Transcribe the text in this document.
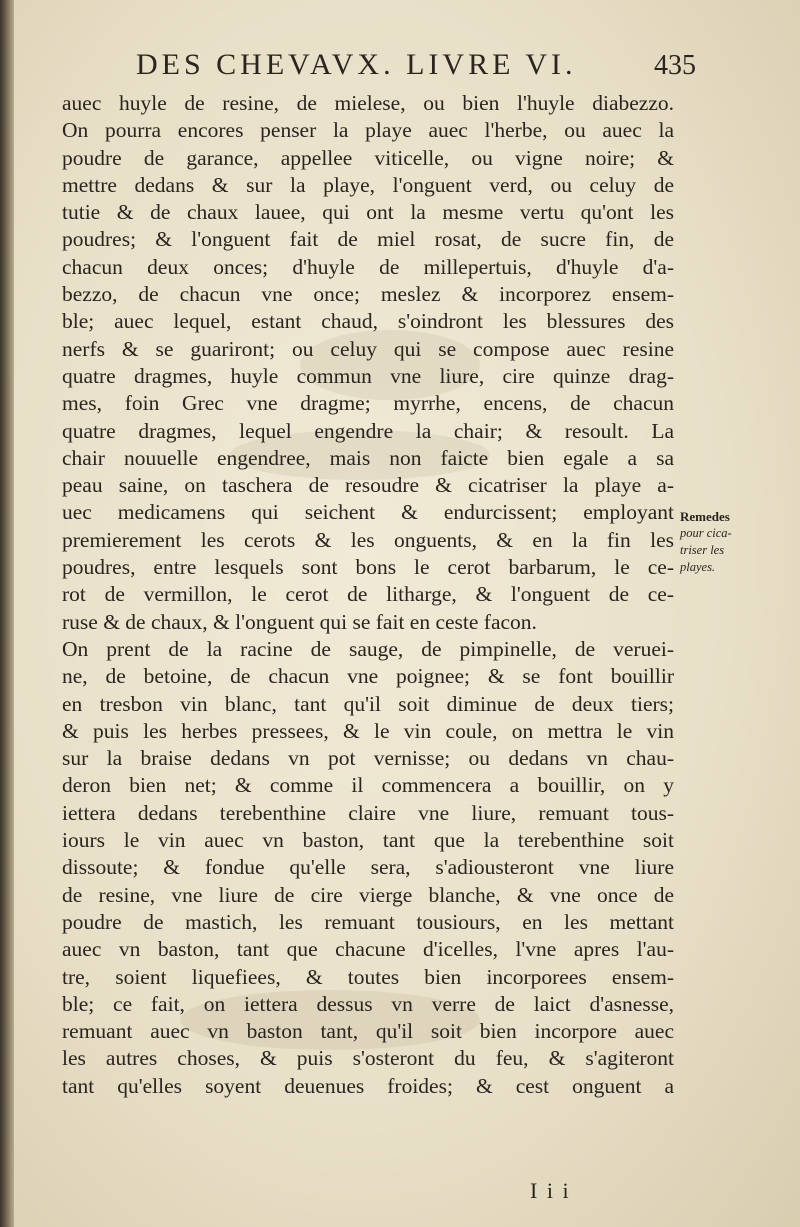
DES CHEVAVX. LIVRE VI.	435
auec huyle de resine, de mielese, ou bien l'huyle diabezzo.
On pourra encores penser la playe auec l'herbe, ou auec la
poudre de garance, appellee viticelle, ou vigne noire; &
mettre dedans & sur la playe, l'onguent verd, ou celuy de
tutie & de chaux lauee, qui ont la mesme vertu qu'ont les
poudres; & l'onguent fait de miel rosat, de sucre fin, de
chacun deux onces; d'huyle de millepertuis, d'huyle d'a-
bezzo, de chacun vne once; meslez & incorporez ensem-
ble; auec lequel, estant chaud, s'oindront les blessures des
nerfs & se guariront; ou celuy qui se compose auec resine
quatre dragmes, huyle commun vne liure, cire quinze drag-
mes, foin Grec vne dragme; myrrhe, encens, de chacun
quatre dragmes, lequel engendre la chair; & resoult. La
chair nouuelle engendree, mais non faicte bien egale a sa
peau saine, on taschera de resoudre & cicatriser la playe a-
uec medicamens qui seichent & endurcissent; employant
premierement les cerots & les onguents, & en la fin les
poudres, entre lesquels sont bons le cerot barbarum, le ce-
rot de vermillon, le cerot de litharge, & l'onguent de ce-
ruse & de chaux, & l'onguent qui se fait en ceste facon.
On prent de la racine de sauge, de pimpinelle, de veruei-
ne, de betoine, de chacun vne poignee; & se font bouillir
en tresbon vin blanc, tant qu'il soit diminue de deux tiers;
& puis les herbes pressees, & le vin coule, on mettra le vin
sur la braise dedans vn pot vernisse; ou dedans vn chau-
deron bien net; & comme il commencera a bouillir, on y
iettera dedans terebenthine claire vne liure, remuant tous-
iours le vin auec vn baston, tant que la terebenthine soit
dissoute; & fondue qu'elle sera, s'adiousteront vne liure
de resine, vne liure de cire vierge blanche, & vne once de
poudre de mastich, les remuant tousiours, en les mettant
auec vn baston, tant que chacune d'icelles, l'vne apres l'au-
tre, soient liquefiees, & toutes bien incorporees ensem-
ble; ce fait, on iettera dessus vn verre de laict d'asnesse,
remuant auec vn baston tant, qu'il soit bien incorpore auec
les autres choses, & puis s'osteront du feu, & s'agiteront
tant qu'elles soyent deuenues froides; & cest onguent a
Remedes
pour cica-
triser les
playes.
I i i
